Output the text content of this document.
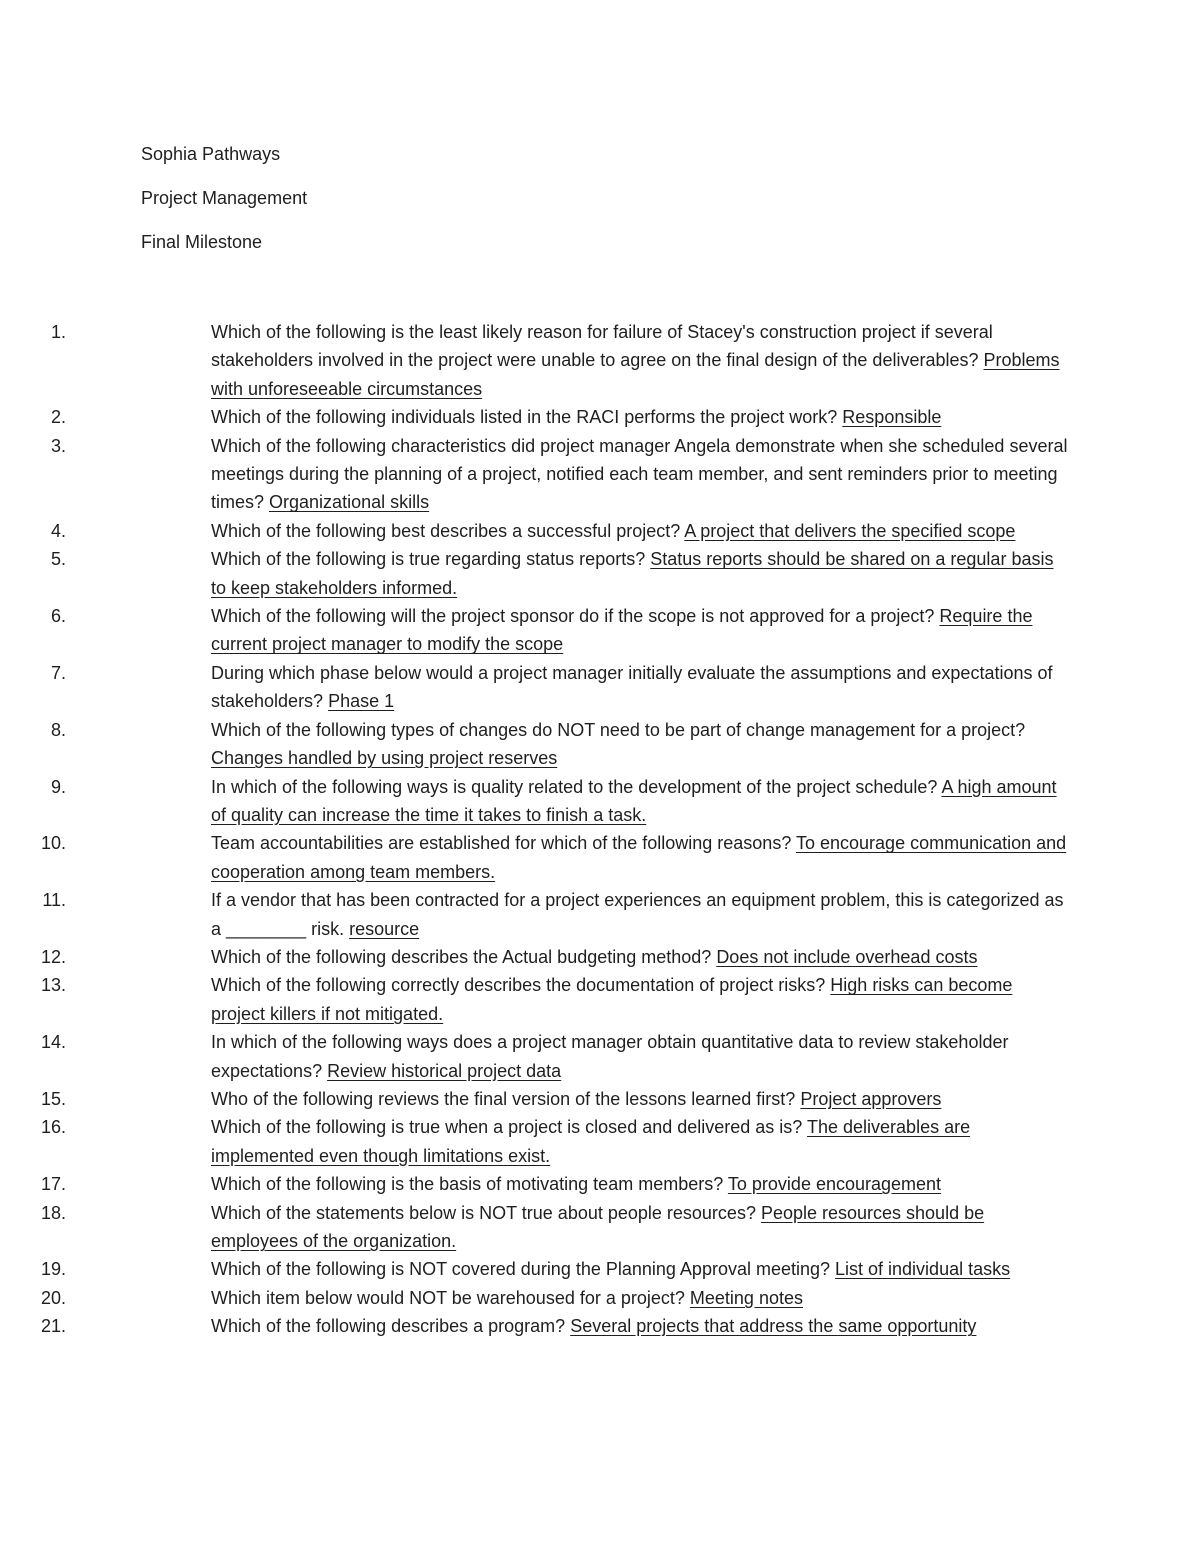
Sophia Pathways
Project Management
Final Milestone
1.	Which of the following is the least likely reason for failure of Stacey's construction project if several stakeholders involved in the project were unable to agree on the final design of the deliverables? Problems with unforeseeable circumstances
2.	Which of the following individuals listed in the RACI performs the project work? Responsible
3.	Which of the following characteristics did project manager Angela demonstrate when she scheduled several meetings during the planning of a project, notified each team member, and sent reminders prior to meeting times? Organizational skills
4.	Which of the following best describes a successful project? A project that delivers the specified scope
5.	Which of the following is true regarding status reports? Status reports should be shared on a regular basis to keep stakeholders informed.
6.	Which of the following will the project sponsor do if the scope is not approved for a project? Require the current project manager to modify the scope
7.	During which phase below would a project manager initially evaluate the assumptions and expectations of stakeholders? Phase 1
8.	Which of the following types of changes do NOT need to be part of change management for a project? Changes handled by using project reserves
9.	In which of the following ways is quality related to the development of the project schedule? A high amount of quality can increase the time it takes to finish a task.
10.	Team accountabilities are established for which of the following reasons? To encourage communication and cooperation among team members.
11.	If a vendor that has been contracted for a project experiences an equipment problem, this is categorized as a ________ risk. resource
12.	Which of the following describes the Actual budgeting method? Does not include overhead costs
13.	Which of the following correctly describes the documentation of project risks? High risks can become project killers if not mitigated.
14.	In which of the following ways does a project manager obtain quantitative data to review stakeholder expectations? Review historical project data
15.	Who of the following reviews the final version of the lessons learned first? Project approvers
16.	Which of the following is true when a project is closed and delivered as is? The deliverables are implemented even though limitations exist.
17.	Which of the following is the basis of motivating team members? To provide encouragement
18.	Which of the statements below is NOT true about people resources? People resources should be employees of the organization.
19.	Which of the following is NOT covered during the Planning Approval meeting? List of individual tasks
20.	Which item below would NOT be warehoused for a project? Meeting notes
21.	Which of the following describes a program? Several projects that address the same opportunity
